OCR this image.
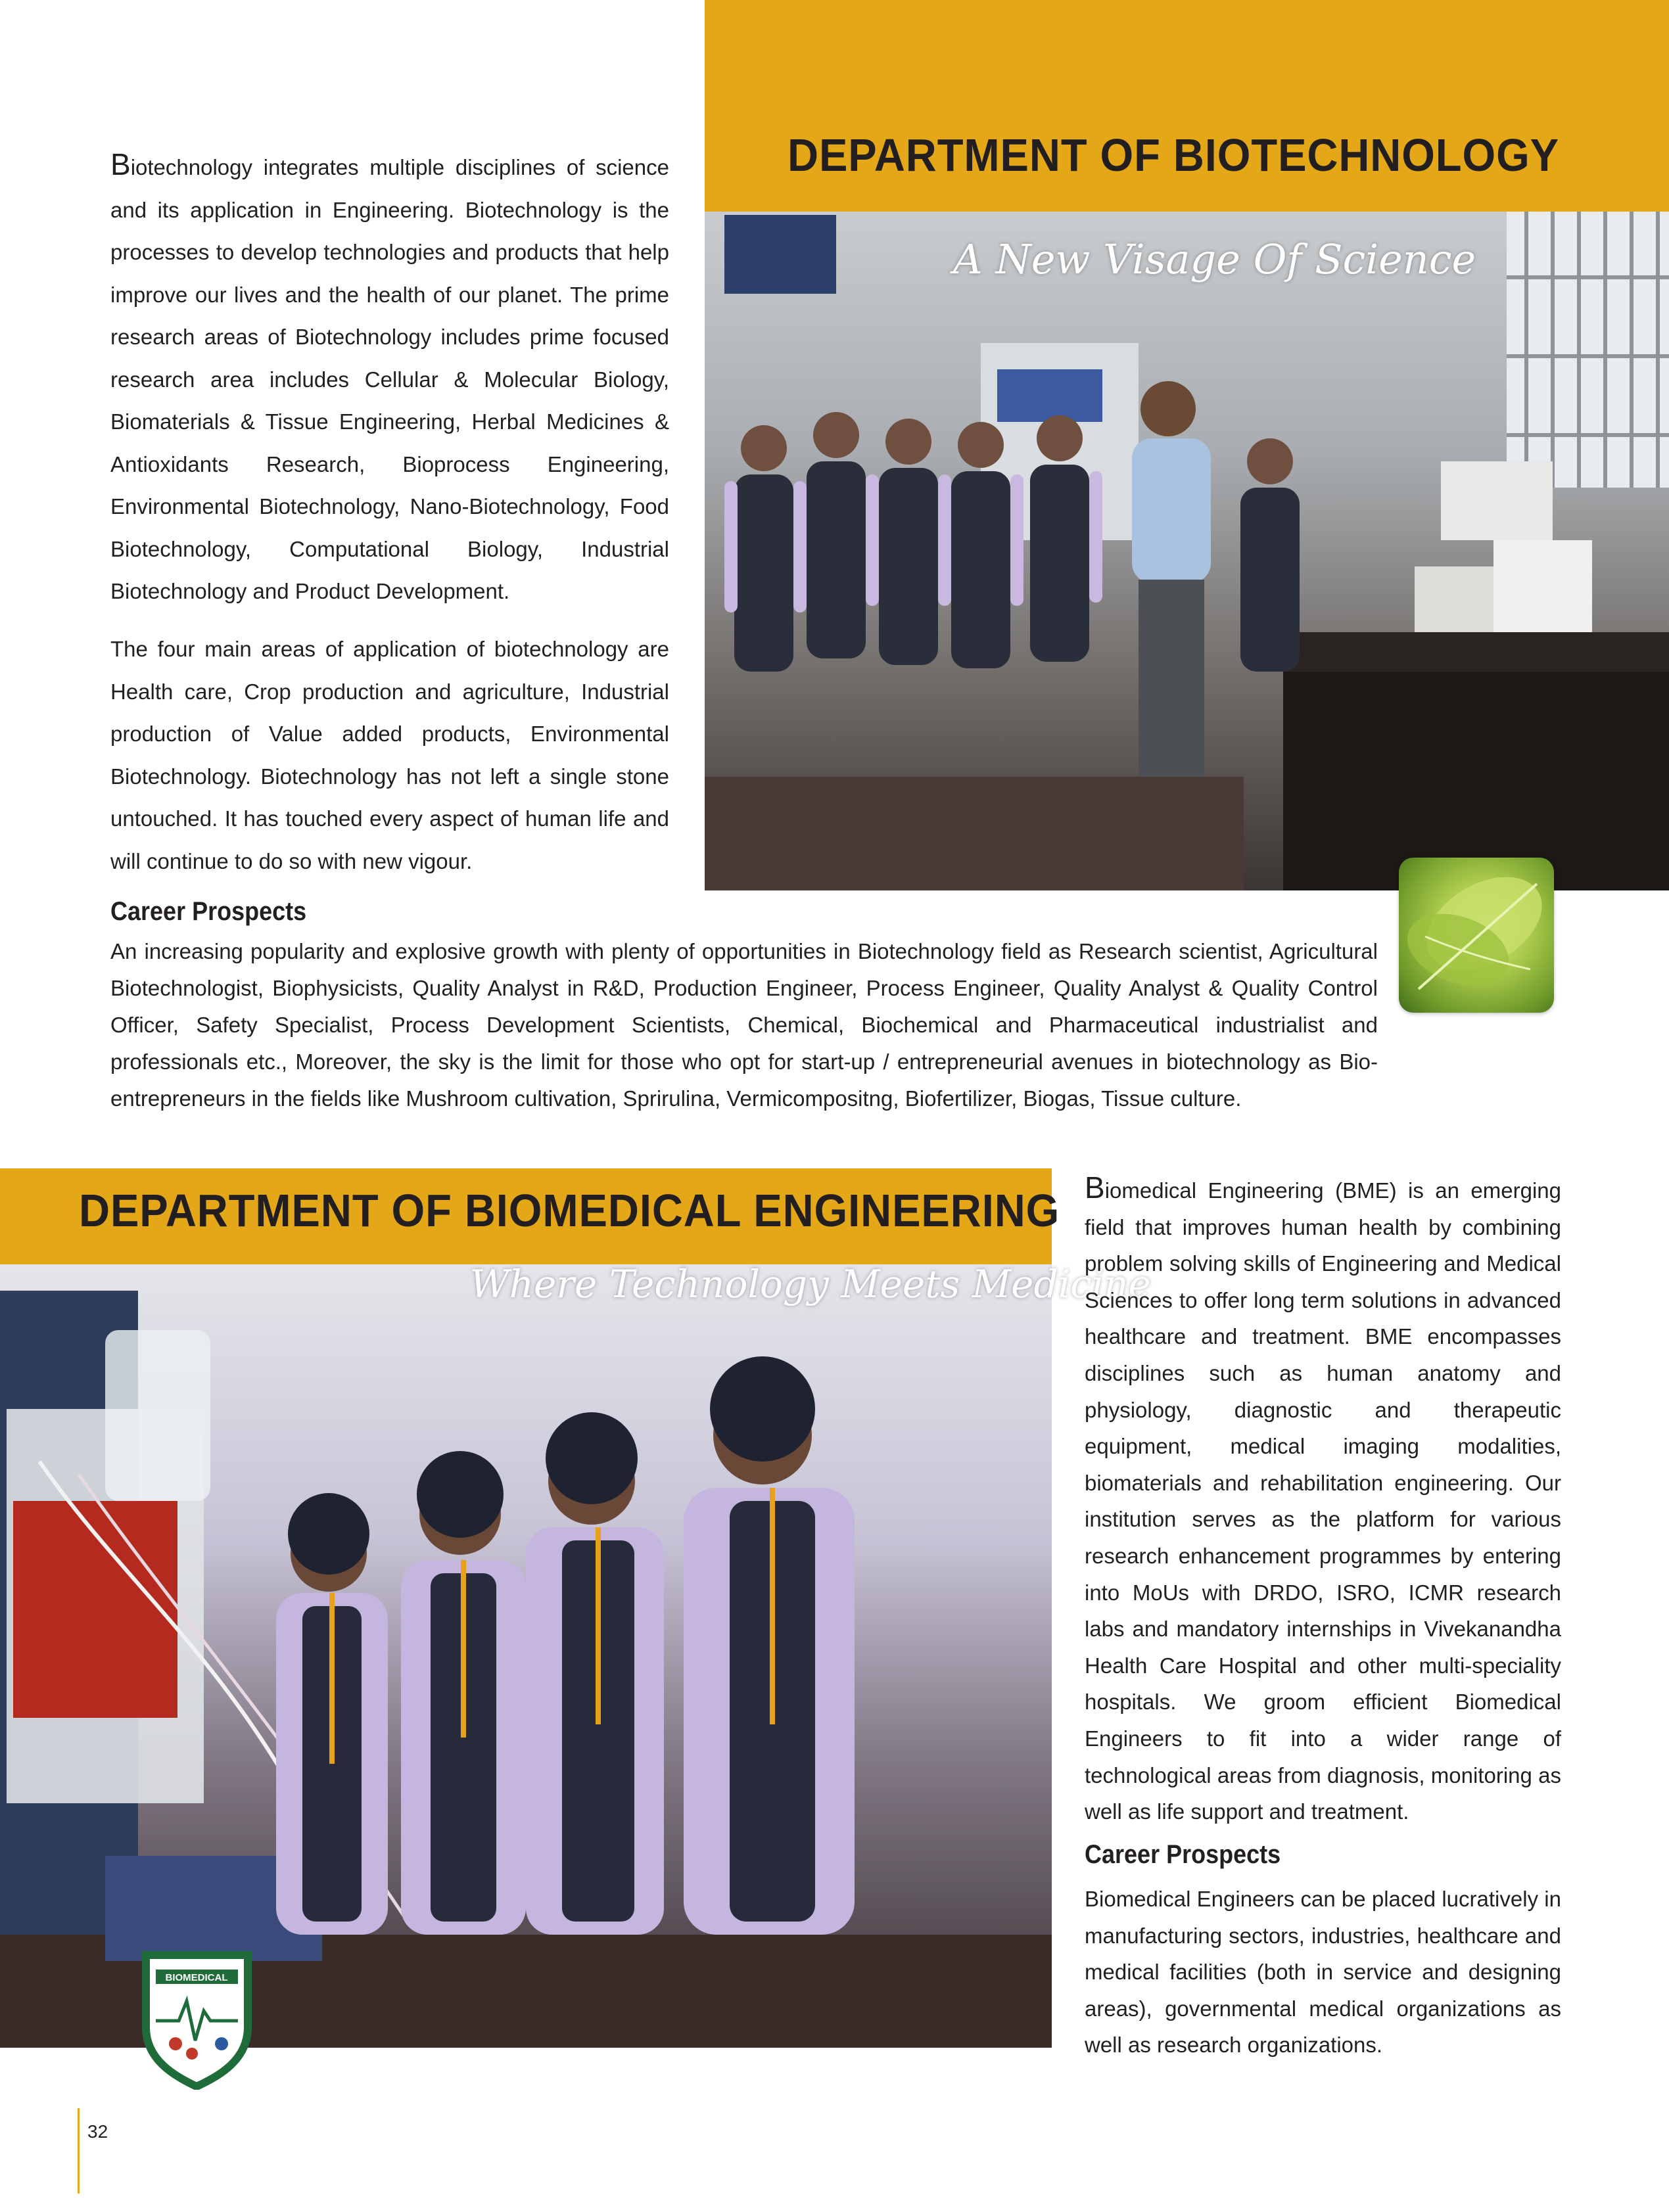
A New Visage Of Science
DEPARTMENT OF BIOTECHNOLOGY

Biotechnology integrates multiple disciplines of science and its application in Engineering. Biotechnology is the processes to develop technologies and products that help improve our lives and the health of our planet. The prime research areas of Biotechnology includes prime focused research area includes Cellular & Molecular Biology, Biomaterials & Tissue Engineering, Herbal Medicines & Antioxidants Research, Bioprocess Engineering, Environmental Biotechnology, Nano-Biotechnology, Food Biotechnology, Computational Biology, Industrial Biotechnology and Product Development.

The four main areas of application of biotechnology are Health care, Crop production and agriculture, Industrial production of Value added products, Environmental Biotechnology. Biotechnology has not left a single stone untouched. It has touched every aspect of human life and will continue to do so with new vigour.

Career Prospects

An increasing popularity and explosive growth with plenty of opportunities in Biotechnology field as Research scientist, Agricultural Biotechnologist, Biophysicists, Quality Analyst in R&D, Production Engineer, Process Engineer, Quality Analyst & Quality Control Officer, Safety Specialist, Process Development Scientists, Chemical, Biochemical and Pharmaceutical industrialist and professionals etc., Moreover, the sky is the limit for those who opt for start-up / entrepreneurial avenues in biotechnology as Bio-entrepreneurs in the fields like Mushroom cultivation, Sprirulina, Vermicompositng, Biofertilizer, Biogas, Tissue culture.

Where Technology Meets Medicine
DEPARTMENT OF BIOMEDICAL ENGINEERING Biomedical Engineering (BME) is an emerging field that improves human health by combining problem solving skills of Engineering and Medical Sciences to offer long term solutions in advanced healthcare and treatment. BME encompasses disciplines such as human anatomy and physiology, diagnostic and therapeutic equipment, medical imaging modalities, biomaterials and rehabilitation engineering. Our institution serves as the platform for various research enhancement programmes by entering into MoUs with DRDO, ISRO, ICMR research labs and mandatory internships in Vivekanandha Health Care Hospital and other multi-speciality hospitals. We groom efficient Biomedical Engineers to fit into a wider range of technological areas from diagnosis, monitoring as well as life support and treatment.

Career Prospects

Biomedical Engineers can be placed lucratively in manufacturing sectors, industries, healthcare and medical facilities (both in service and designing areas), governmental medical organizations as well as research organizations.

BIOMEDICAL
32
